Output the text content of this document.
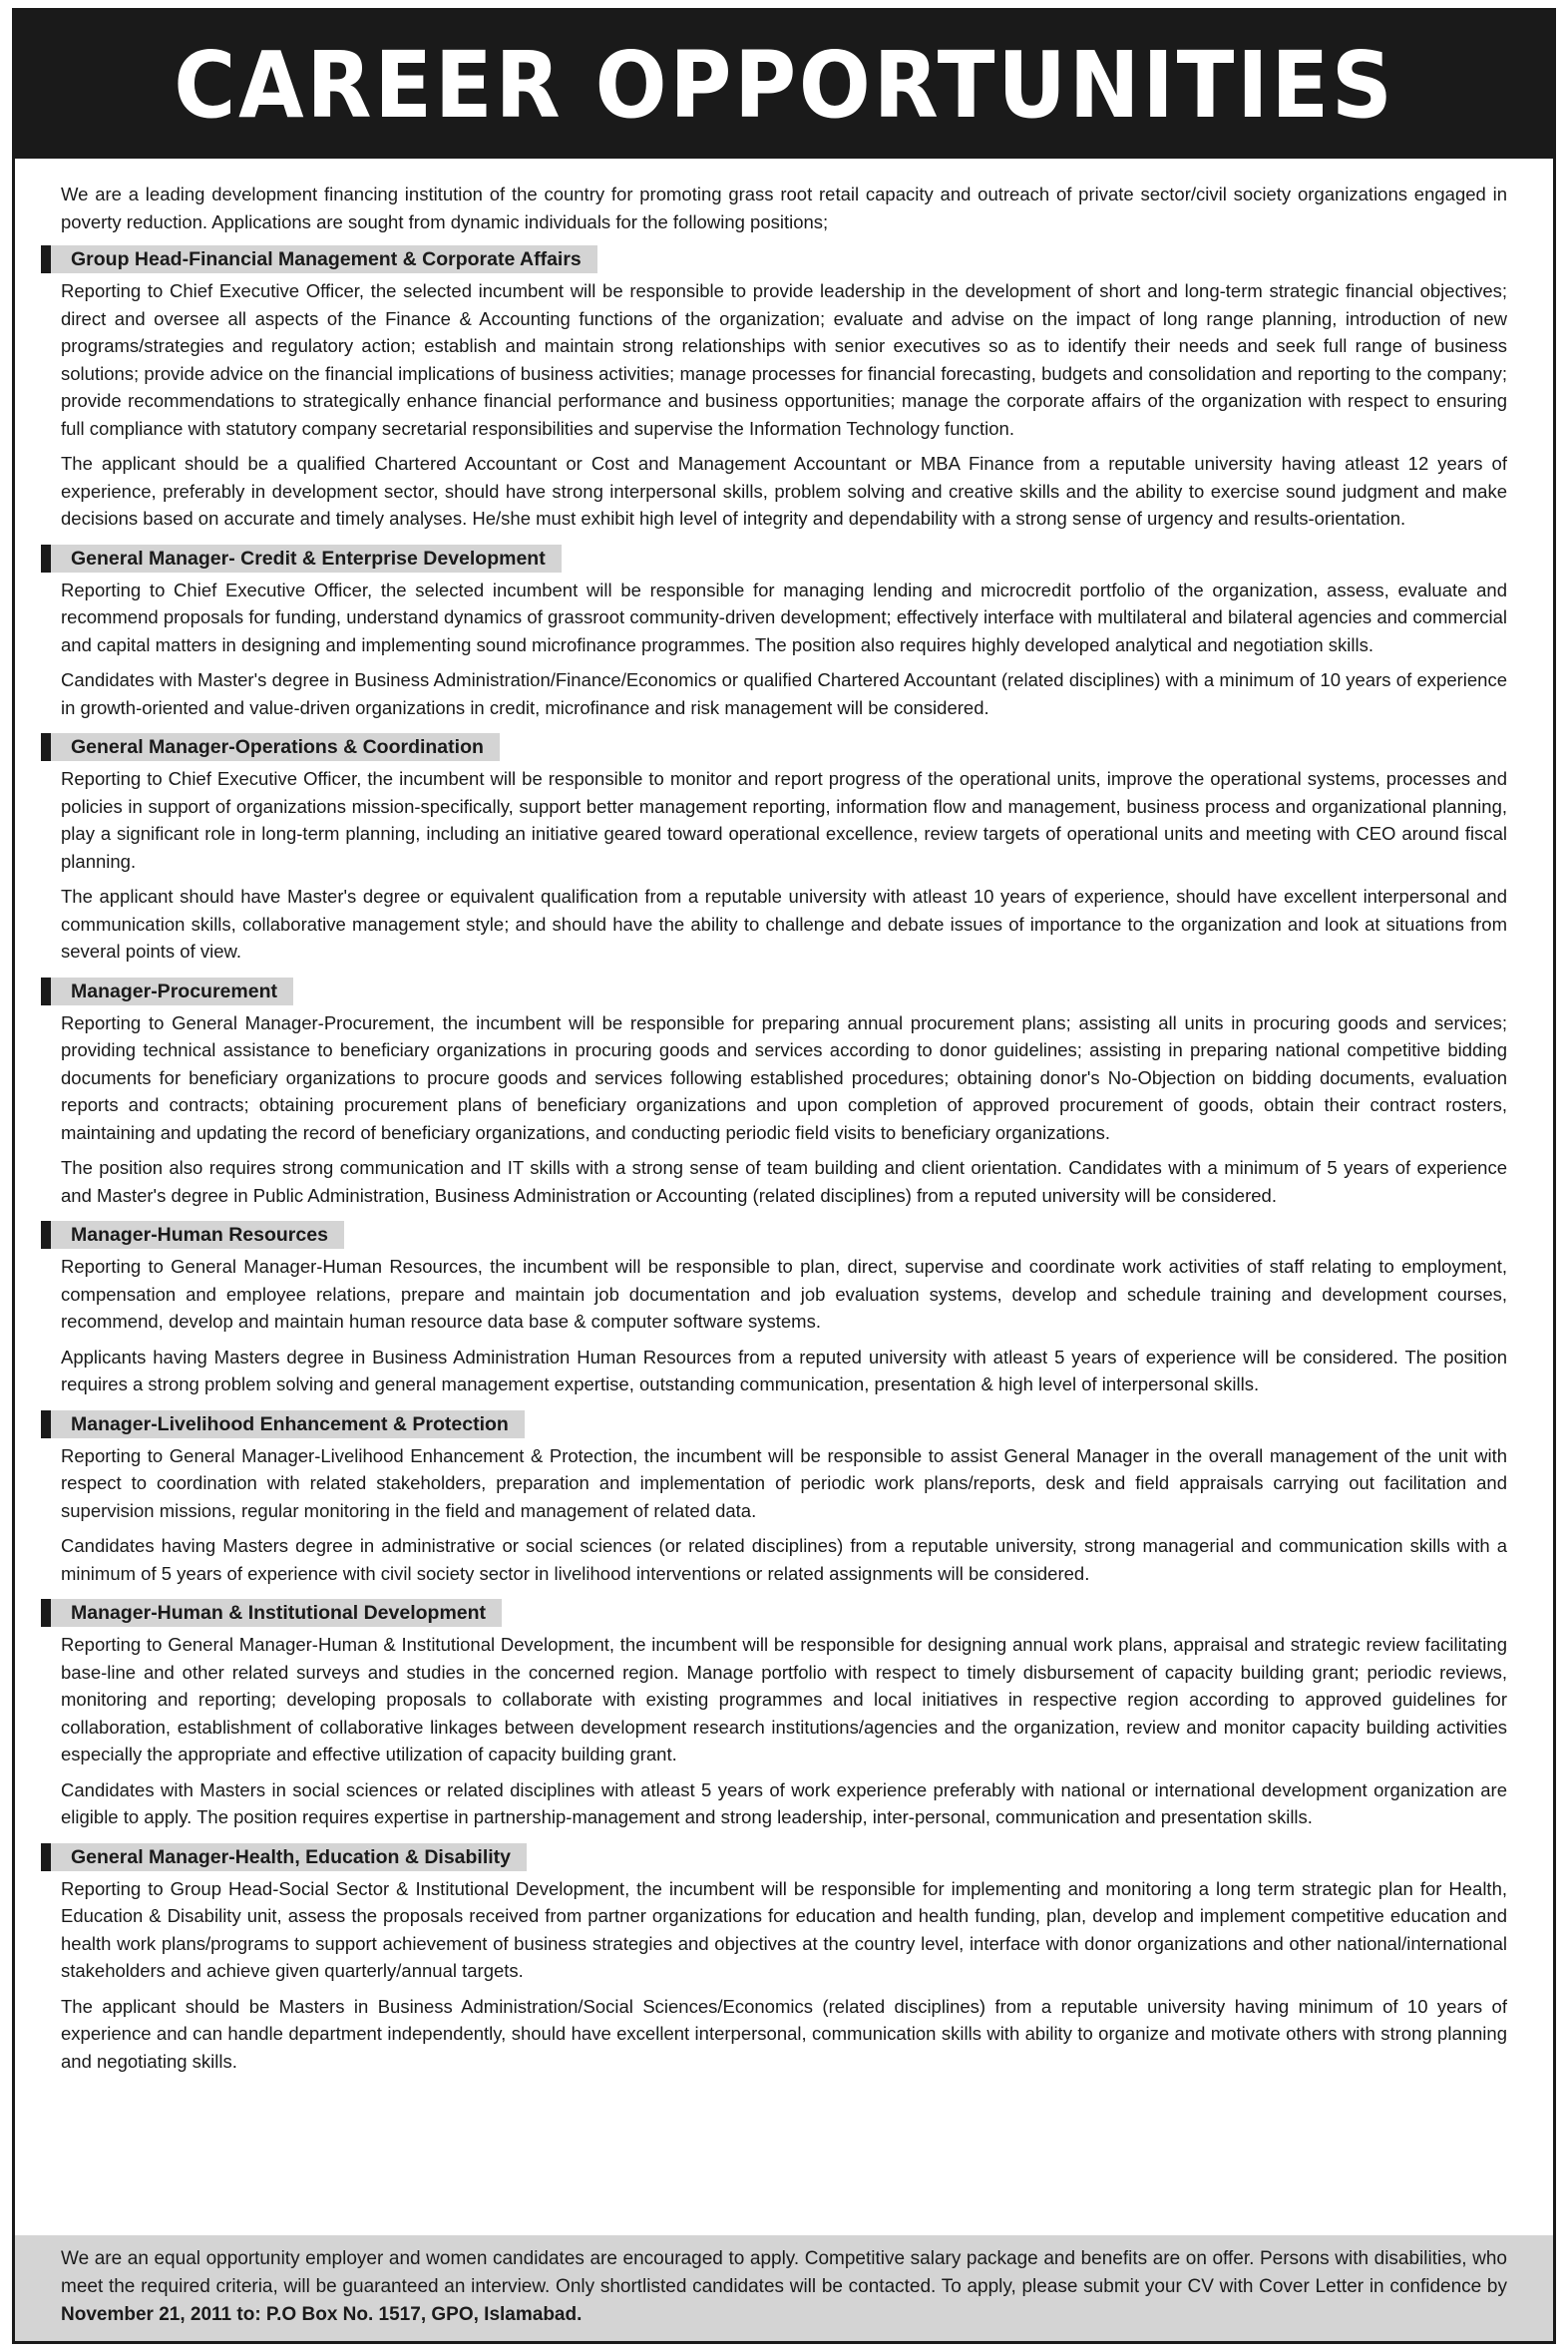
CAREER OPPORTUNITIES
We are a leading development financing institution of the country for promoting grass root retail capacity and outreach of private sector/civil society organizations engaged in poverty reduction. Applications are sought from dynamic individuals for the following positions;
Group Head-Financial Management & Corporate Affairs
Reporting to Chief Executive Officer, the selected incumbent will be responsible to provide leadership in the development of short and long-term strategic financial objectives; direct and oversee all aspects of the Finance & Accounting functions of the organization; evaluate and advise on the impact of long range planning, introduction of new programs/strategies and regulatory action; establish and maintain strong relationships with senior executives so as to identify their needs and seek full range of business solutions; provide advice on the financial implications of business activities; manage processes for financial forecasting, budgets and consolidation and reporting to the company; provide recommendations to strategically enhance financial performance and business opportunities; manage the corporate affairs of the organization with respect to ensuring full compliance with statutory company secretarial responsibilities and supervise the Information Technology function.
The applicant should be a qualified Chartered Accountant or Cost and Management Accountant or MBA Finance from a reputable university having atleast 12 years of experience, preferably in development sector, should have strong interpersonal skills, problem solving and creative skills and the ability to exercise sound judgment and make decisions based on accurate and timely analyses. He/she must exhibit high level of integrity and dependability with a strong sense of urgency and results-orientation.
General Manager- Credit & Enterprise Development
Reporting to Chief Executive Officer, the selected incumbent will be responsible for managing lending and microcredit portfolio of the organization, assess, evaluate and recommend proposals for funding, understand dynamics of grassroot community-driven development; effectively interface with multilateral and bilateral agencies and commercial and capital matters in designing and implementing sound microfinance programmes. The position also requires highly developed analytical and negotiation skills.
Candidates with Master's degree in Business Administration/Finance/Economics or qualified Chartered Accountant (related disciplines) with a minimum of 10 years of experience in growth-oriented and value-driven organizations in credit, microfinance and risk management will be considered.
General Manager-Operations & Coordination
Reporting to Chief Executive Officer, the incumbent will be responsible to monitor and report progress of the operational units, improve the operational systems, processes and policies in support of organizations mission-specifically, support better management reporting, information flow and management, business process and organizational planning, play a significant role in long-term planning, including an initiative geared toward operational excellence, review targets of operational units and meeting with CEO around fiscal planning.
The applicant should have Master's degree or equivalent qualification from a reputable university with atleast 10 years of experience, should have excellent interpersonal and communication skills, collaborative management style; and should have the ability to challenge and debate issues of importance to the organization and look at situations from several points of view.
Manager-Procurement
Reporting to General Manager-Procurement, the incumbent will be responsible for preparing annual procurement plans; assisting all units in procuring goods and services; providing technical assistance to beneficiary organizations in procuring goods and services according to donor guidelines; assisting in preparing national competitive bidding documents for beneficiary organizations to procure goods and services following established procedures; obtaining donor's No-Objection on bidding documents, evaluation reports and contracts; obtaining procurement plans of beneficiary organizations and upon completion of approved procurement of goods, obtain their contract rosters, maintaining and updating the record of beneficiary organizations, and conducting periodic field visits to beneficiary organizations.
The position also requires strong communication and IT skills with a strong sense of team building and client orientation. Candidates with a minimum of 5 years of experience and Master's degree in Public Administration, Business Administration or Accounting (related disciplines) from a reputed university will be considered.
Manager-Human Resources
Reporting to General Manager-Human Resources, the incumbent will be responsible to plan, direct, supervise and coordinate work activities of staff relating to employment, compensation and employee relations, prepare and maintain job documentation and job evaluation systems, develop and schedule training and development courses, recommend, develop and maintain human resource data base & computer software systems.
Applicants having Masters degree in Business Administration Human Resources from a reputed university with atleast 5 years of experience will be considered. The position requires a strong problem solving and general management expertise, outstanding communication, presentation & high level of interpersonal skills.
Manager-Livelihood Enhancement & Protection
Reporting to General Manager-Livelihood Enhancement & Protection, the incumbent will be responsible to assist General Manager in the overall management of the unit with respect to coordination with related stakeholders, preparation and implementation of periodic work plans/reports, desk and field appraisals carrying out facilitation and supervision missions, regular monitoring in the field and management of related data.
Candidates having Masters degree in administrative or social sciences (or related disciplines) from a reputable university, strong managerial and communication skills with a minimum of 5 years of experience with civil society sector in livelihood interventions or related assignments will be considered.
Manager-Human & Institutional Development
Reporting to General Manager-Human & Institutional Development, the incumbent will be responsible for designing annual work plans, appraisal and strategic review facilitating base-line and other related surveys and studies in the concerned region. Manage portfolio with respect to timely disbursement of capacity building grant; periodic reviews, monitoring and reporting; developing proposals to collaborate with existing programmes and local initiatives in respective region according to approved guidelines for collaboration, establishment of collaborative linkages between development research institutions/agencies and the organization, review and monitor capacity building activities especially the appropriate and effective utilization of capacity building grant.
Candidates with Masters in social sciences or related disciplines with atleast 5 years of work experience preferably with national or international development organization are eligible to apply. The position requires expertise in partnership-management and strong leadership, inter-personal, communication and presentation skills.
General Manager-Health, Education & Disability
Reporting to Group Head-Social Sector & Institutional Development, the incumbent will be responsible for implementing and monitoring a long term strategic plan for Health, Education & Disability unit, assess the proposals received from partner organizations for education and health funding, plan, develop and implement competitive education and health work plans/programs to support achievement of business strategies and objectives at the country level, interface with donor organizations and other national/international stakeholders and achieve given quarterly/annual targets.
The applicant should be Masters in Business Administration/Social Sciences/Economics (related disciplines) from a reputable university having minimum of 10 years of experience and can handle department independently, should have excellent interpersonal, communication skills with ability to organize and motivate others with strong planning and negotiating skills.
We are an equal opportunity employer and women candidates are encouraged to apply. Competitive salary package and benefits are on offer. Persons with disabilities, who meet the required criteria, will be guaranteed an interview. Only shortlisted candidates will be contacted. To apply, please submit your CV with Cover Letter in confidence by November 21, 2011 to: P.O Box No. 1517, GPO, Islamabad.
